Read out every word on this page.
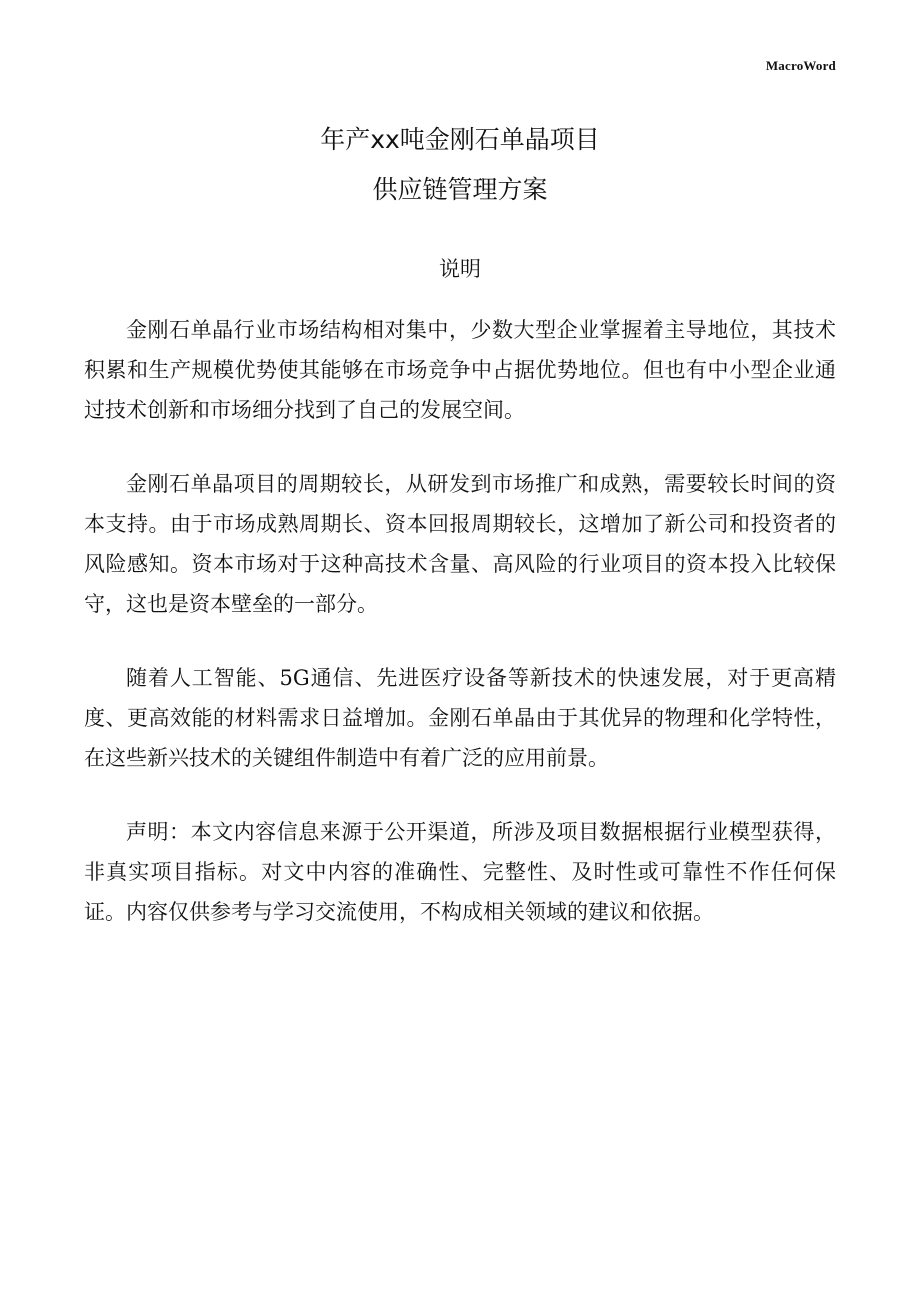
MacroWord
年产xx吨金刚石单晶项目
供应链管理方案
说明

金刚石单晶行业市场结构相对集中，少数大型企业掌握着主导地位，其技术积累和生产规模优势使其能够在市场竞争中占据优势地位。但也有中小型企业通过技术创新和市场细分找到了自己的发展空间。

金刚石单晶项目的周期较长，从研发到市场推广和成熟，需要较长时间的资本支持。由于市场成熟周期长、资本回报周期较长，这增加了新公司和投资者的风险感知。资本市场对于这种高技术含量、高风险的行业项目的资本投入比较保守，这也是资本壁垒的一部分。

随着人工智能、5G通信、先进医疗设备等新技术的快速发展，对于更高精度、更高效能的材料需求日益增加。金刚石单晶由于其优异的物理和化学特性，在这些新兴技术的关键组件制造中有着广泛的应用前景。

声明：本文内容信息来源于公开渠道，所涉及项目数据根据行业模型获得，非真实项目指标。对文中内容的准确性、完整性、及时性或可靠性不作任何保证。内容仅供参考与学习交流使用，不构成相关领域的建议和依据。
